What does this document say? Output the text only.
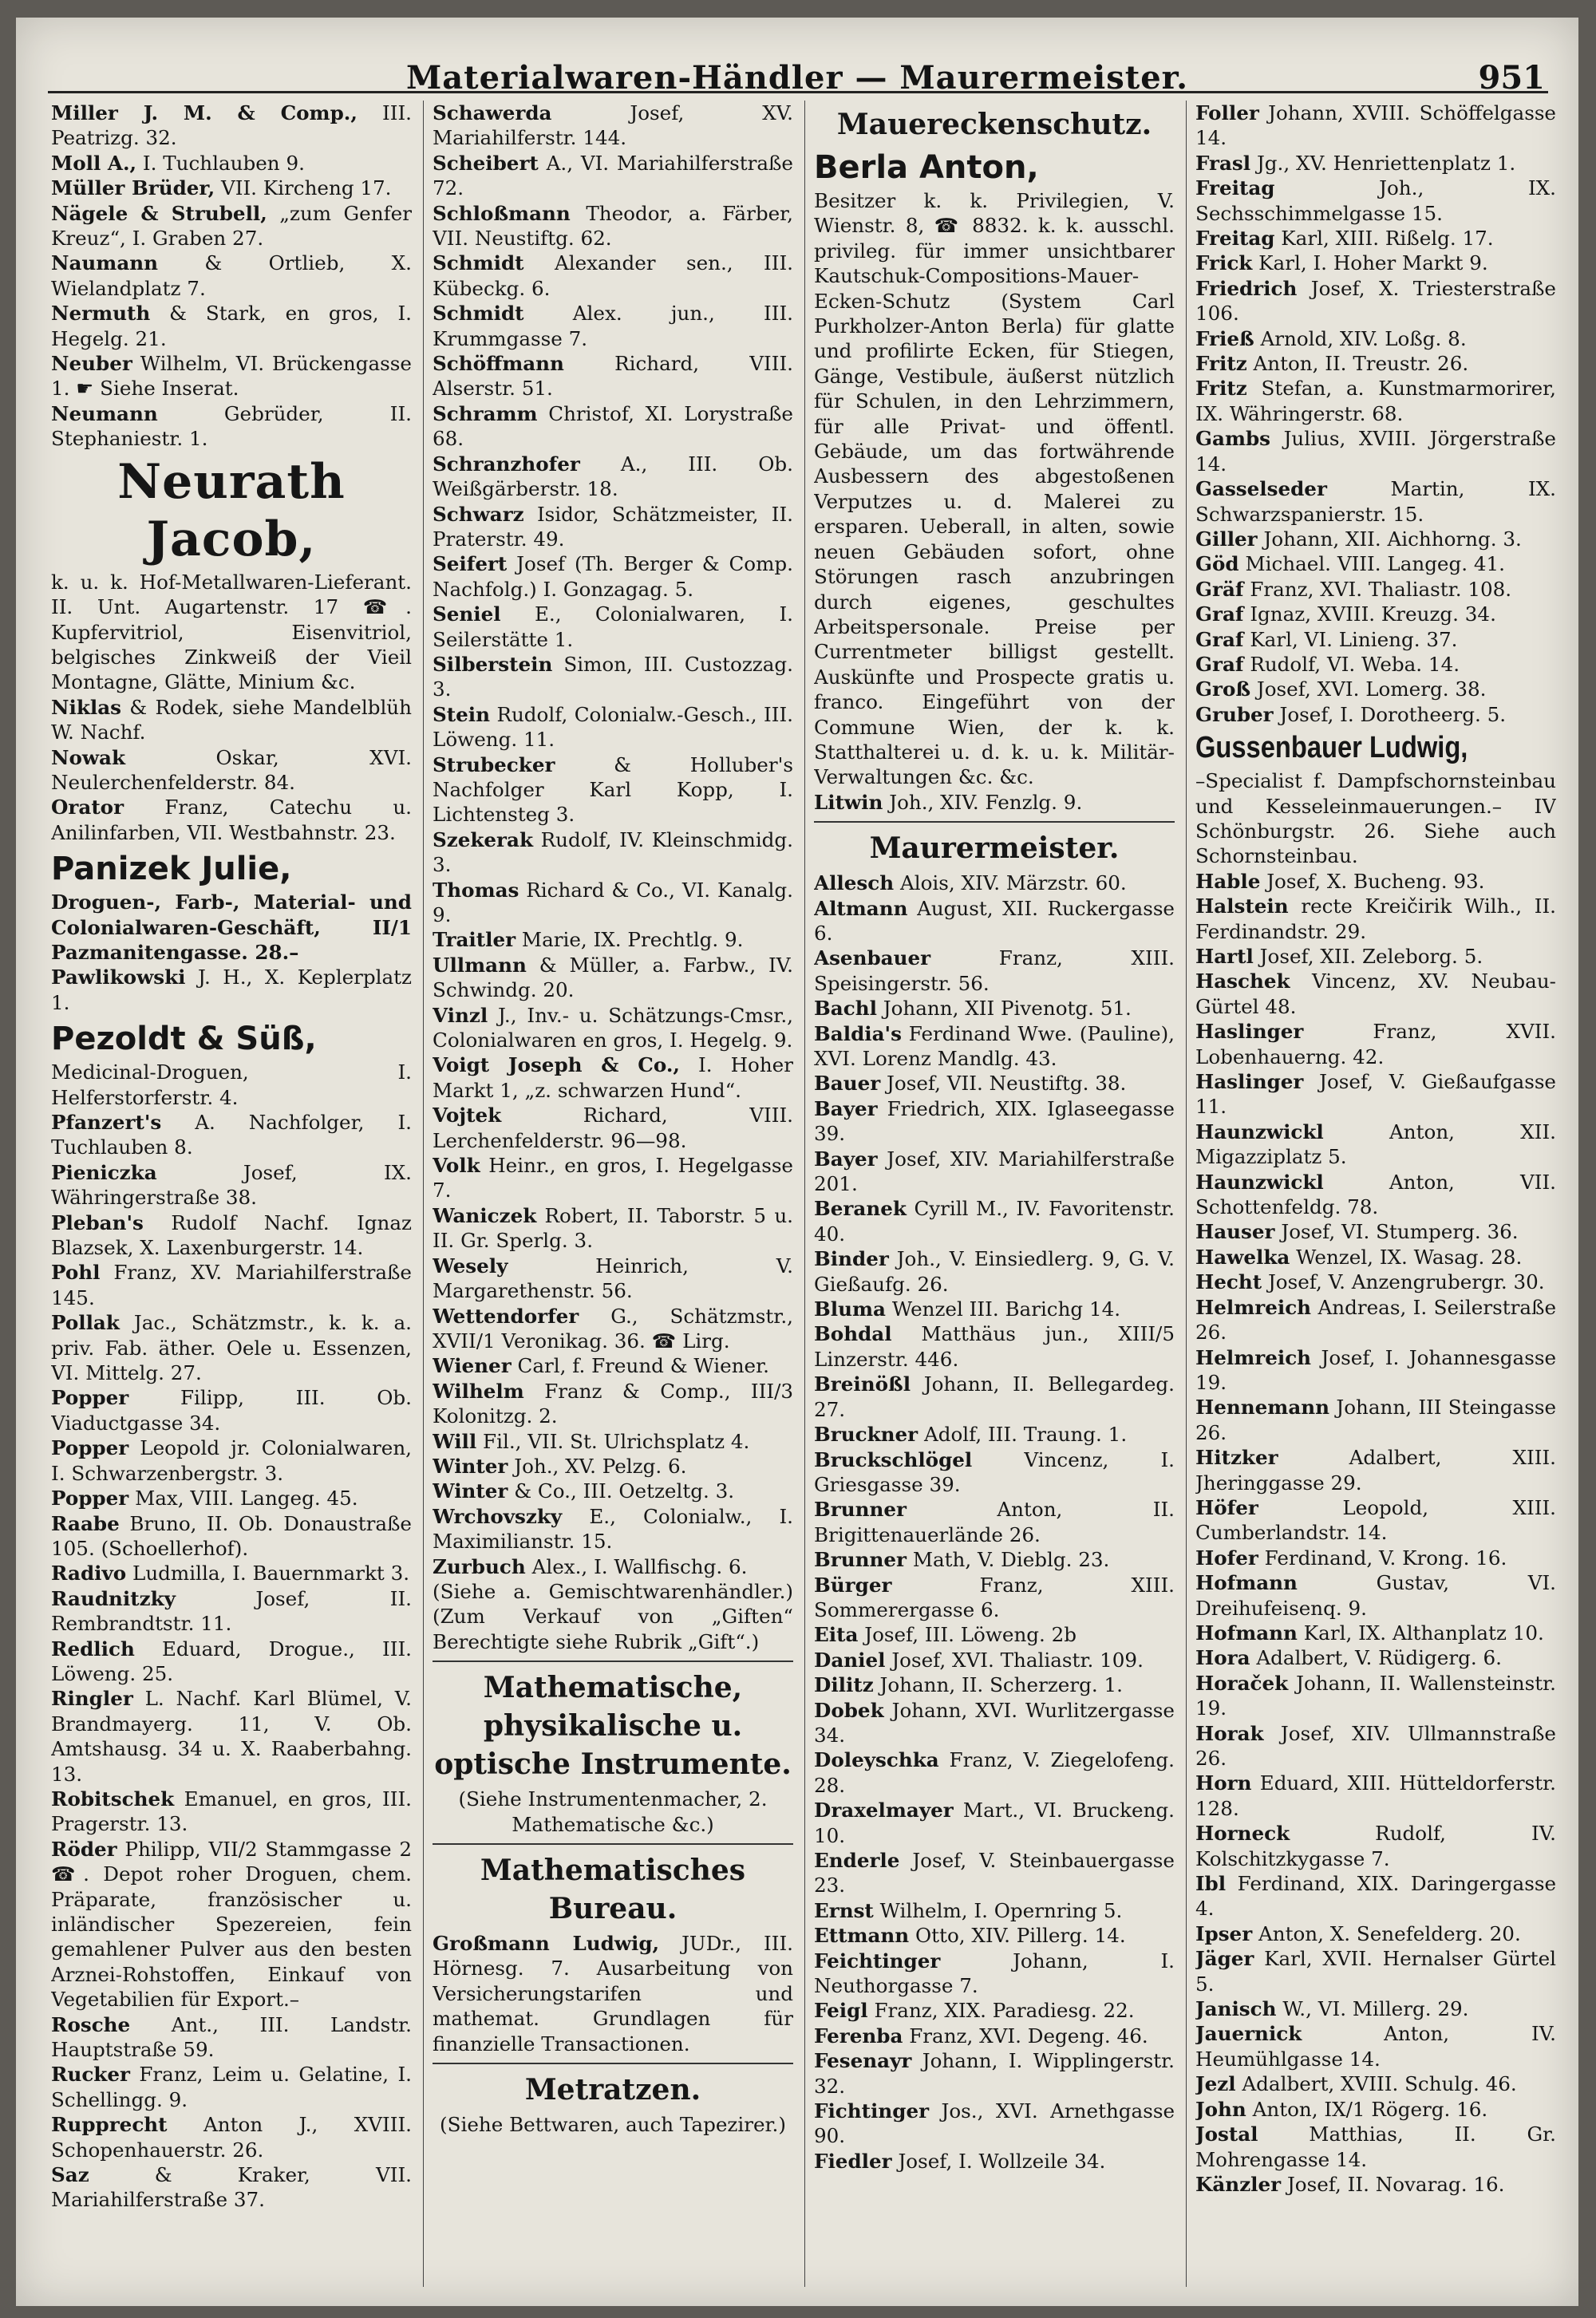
Materialwaren-Händler — Maurermeister.	951

Miller J. M. & Comp., III. Peatrizg. 32.

Moll A., I. Tuchlauben 9.

Müller Brüder, VII. Kircheng 17.

Nägele & Strubell, „zum Genfer Kreuz“, I. Graben 27.

Naumann & Ortlieb, X. Wielandplatz 7.

Nermuth & Stark, en gros, I. Hegelg. 21.

Neuber Wilhelm, VI. Brückengasse 1. ☛ Siehe Inserat.

Neumann	Gebrüder, II. Stephaniestr. 1.

Neurath Jacob,

k. u. k. Hof-Metallwaren-Lieferant. II. Unt. Augartenstr. 17 ☎. Kupfervitriol, Eisenvitriol, belgisches Zinkweiß der Vieil Montagne, Glätte, Minium &c.

Niklas & Rodek, siehe Mandelblüh W. Nachf.

Nowak	Oskar, XVI. Neulerchenfelderstr. 84.

Orator Franz, Catechu u. Anilinfarben, VII. Westbahnstr. 23.

Panizek Julie,

Droguen-, Farb-, Material- und Colonialwaren-Geschäft, II/1 Pazmanitengasse. 28.–

Pawlikowski J. H., X. Keplerplatz 1.

Pezoldt & Süß,

Medicinal-Droguen, I. Helferstorferstr. 4.

Pfanzert's A. Nachfolger, I. Tuchlauben 8.

Pieniczka	Josef, IX. Währingerstraße 38.

Pleban's Rudolf Nachf. Ignaz Blazsek, X. Laxenburgerstr. 14.

Pohl Franz, XV. Mariahilferstraße 145.

Pollak Jac., Schätzmstr., k. k. a. priv. Fab. äther. Oele u. Essenzen, VI. Mittelg. 27.

Popper	Filipp, III. Ob. Viaductgasse 34.

Popper Leopold jr. Colonialwaren, I. Schwarzenbergstr. 3.

Popper Max, VIII. Langeg. 45.

Raabe Bruno, II. Ob. Donaustraße 105. (Schoellerhof).

Radivo Ludmilla, I. Bauernmarkt 3.

Raudnitzky	Josef, II. Rembrandtstr. 11.

Redlich Eduard, Drogue., III. Löweng. 25.

Ringler L. Nachf. Karl Blümel, V. Brandmayerg. 11, V. Ob. Amtshausg. 34 u. X. Raaberbahng. 13.

Robitschek Emanuel, en gros, III. Pragerstr. 13.

Röder Philipp, VII/2 Stammgasse 2 ☎. Depot roher Droguen, chem. Präparate, französischer u. inländischer Spezereien, fein gemahlener Pulver aus den besten Arznei-Rohstoffen, Einkauf von Vegetabilien für Export.–

Rosche Ant., III. Landstr. Hauptstraße 59.

Rucker Franz, Leim u. Gelatine, I. Schellingg. 9.

Rupprecht Anton J., XVIII. Schopenhauerstr. 26.

Saz	& Kraker, VII. Mariahilferstraße 37.

Schawerda	Josef, XV. Mariahilferstr. 144.

Scheibert A., VI. Mariahilferstraße 72.

Schloßmann Theodor, a. Färber, VII. Neustiftg. 62.

Schmidt Alexander sen., III. Kübeckg. 6.

Schmidt Alex. jun., III. Krummgasse 7.

Schöffmann	Richard, VIII. Alserstr. 51.

Schramm Christof, XI. Lorystraße 68.

Schranzhofer A., III. Ob. Weißgärberstr. 18.

Schwarz Isidor, Schätzmeister, II. Praterstr. 49.

Seifert Josef (Th. Berger & Comp. Nachfolg.) I. Gonzagag. 5.

Seniel E., Colonialwaren, I. Seilerstätte 1.

Silberstein Simon, III. Custozzag. 3.

Stein Rudolf, Colonialw.-Gesch., III. Löweng. 11.

Strubecker	& Holluber's Nachfolger Karl Kopp, I. Lichtensteg 3.

Szekerak Rudolf, IV. Kleinschmidg. 3.

Thomas Richard & Co., VI. Kanalg. 9.

Traitler Marie, IX. Prechtlg. 9.

Ullmann & Müller, a. Farbw., IV. Schwindg. 20.

Vinzl J., Inv.- u. Schätzungs-Cmsr., Colonialwaren en gros, I. Hegelg. 9.

Voigt Joseph & Co., I. Hoher Markt 1, „z. schwarzen Hund“.

Vojtek	Richard, VIII. Lerchenfelderstr. 96—98.

Volk Heinr., en gros, I. Hegelgasse 7.

Waniczek Robert, II. Taborstr. 5 u. II. Gr. Sperlg. 3.

Wesely	Heinrich, V. Margarethenstr. 56.

Wettendorfer G., Schätzmstr., XVII/1 Veronikag. 36. ☎ Lirg.

Wiener Carl, f. Freund & Wiener.

Wilhelm Franz & Comp., III/3 Kolonitzg. 2.

Will Fil., VII. St. Ulrichsplatz 4.

Winter Joh., XV. Pelzg. 6.

Winter & Co., III. Oetzeltg. 3.

Wrchovszky E., Colonialw., I. Maximilianstr. 15.

Zurbuch Alex., I. Wallfischg. 6.

(Siehe a. Gemischtwarenhändler.) (Zum Verkauf von „Giften“ Berechtigte siehe Rubrik „Gift“.)

Mathematische, physikalische u. optische Instrumente.

(Siehe Instrumentenmacher, 2. Mathematische &c.)

Mathematisches Bureau.

Großmann Ludwig, JUDr., III. Hörnesg. 7. Ausarbeitung von Versicherungstarifen und mathemat. Grundlagen für finanzielle Transactionen.

Metratzen.

(Siehe Bettwaren, auch Tapezirer.)

Mauereckenschutz.
Berla Anton,

Besitzer k. k. Privilegien, V. Wienstr. 8, ☎ 8832. k. k. ausschl. privileg. für immer unsichtbarer Kautschuk-Compositions-Mauer-Ecken-Schutz (System Carl Purkholzer-Anton Berla) für glatte und profilirte Ecken, für Stiegen, Gänge, Vestibule, äußerst nützlich für Schulen, in den Lehrzimmern, für alle Privat- und öffentl. Gebäude, um das fortwährende Ausbessern des abgestoßenen Verputzes u. d. Malerei zu ersparen. Ueberall, in alten, sowie neuen Gebäuden sofort, ohne Störungen rasch anzubringen durch eigenes, geschultes Arbeitspersonale. Preise per Currentmeter billigst gestellt. Auskünfte und Prospecte gratis u. franco. Eingeführt von der Commune Wien, der k. k. Statthalterei u. d. k. u. k. Militär-Verwaltungen &c. &c.

Litwin Joh., XIV. Fenzlg. 9.

Maurermeister.

Allesch Alois, XIV. Märzstr. 60.

Altmann August, XII. Ruckergasse 6.

Asenbauer	Franz, XIII. Speisingerstr. 56.

Bachl Johann, XII Pivenotg. 51.

Baldia's Ferdinand Wwe. (Pauline), XVI. Lorenz Mandlg. 43.

Bauer Josef, VII. Neustiftg. 38.

Bayer Friedrich, XIX. Iglaseegasse 39.

Bayer Josef, XIV. Mariahilferstraße 201.

Beranek Cyrill M., IV. Favoritenstr. 40.

Binder Joh., V. Einsiedlerg. 9, G. V. Gießaufg. 26.

Bluma Wenzel III. Barichg 14.

Bohdal Matthäus jun., XIII/5 Linzerstr. 446.

Breinößl Johann, II. Bellegardeg. 27.

Bruckner Adolf, III. Traung. 1.

Bruckschlögel	Vincenz, I. Griesgasse 39.

Brunner	Anton, II. Brigittenauerlände 26.

Brunner Math, V. Dieblg. 23.

Bürger	Franz, XIII. Sommerergasse 6.

Eita Josef, III. Löweng. 2b

Daniel Josef, XVI. Thaliastr. 109.

Dilitz Johann, II. Scherzerg. 1.

Dobek Johann, XVI. Wurlitzergasse 34.

Doleyschka Franz, V. Ziegelofeng. 28.

Draxelmayer Mart., VI. Bruckeng. 10.

Enderle Josef, V. Steinbauergasse 23.

Ernst Wilhelm, I. Opernring 5.

Ettmann Otto, XIV. Pillerg. 14.

Feichtinger	Johann, I. Neuthorgasse 7.

Feigl Franz, XIX. Paradiesg. 22.

Ferenba Franz, XVI. Degeng. 46.

Fesenayr Johann, I. Wipplingerstr. 32.

Fichtinger Jos., XVI. Arnethgasse 90.

Fiedler Josef, I. Wollzeile 34.

Foller Johann, XVIII. Schöffelgasse 14.

Frasl Jg., XV. Henriettenplatz 1.

Freitag	Joh., IX. Sechsschimmelgasse 15.

Freitag Karl, XIII. Rißelg. 17.

Frick Karl, I. Hoher Markt 9.

Friedrich Josef, X. Triesterstraße 106.

Frieß Arnold, XIV. Loßg. 8.

Fritz Anton, II. Treustr. 26.

Fritz Stefan, a. Kunstmarmorirer, IX. Währingerstr. 68.

Gambs Julius, XVIII. Jörgerstraße 14.

Gasselseder	Martin, IX. Schwarzspanierstr. 15.

Giller Johann, XII. Aichhorng. 3.

Göd Michael. VIII. Langeg. 41.

Gräf Franz, XVI. Thaliastr. 108.

Graf Ignaz, XVIII. Kreuzg. 34.

Graf Karl, VI. Linieng. 37.

Graf Rudolf, VI. Weba. 14.

Groß Josef, XVI. Lomerg. 38.

Gruber Josef, I. Dorotheerg. 5.

Gussenbauer Ludwig,

–Specialist f. Dampfschornsteinbau und Kesseleinmauerungen.– IV Schönburgstr. 26. Siehe auch Schornsteinbau.

Hable Josef, X. Bucheng. 93.

Halstein recte Kreičirik Wilh., II. Ferdinandstr. 29.

Hartl Josef, XII. Zeleborg. 5.

Haschek Vincenz, XV. Neubau-Gürtel 48.

Haslinger	Franz, XVII. Lobenhauerng. 42.

Haslinger Josef, V. Gießaufgasse 11.

Haunzwickl	Anton, XII. Migazziplatz 5.

Haunzwickl	Anton, VII. Schottenfeldg. 78.

Hauser Josef, VI. Stumperg. 36.

Hawelka Wenzel, IX. Wasag. 28.

Hecht Josef, V. Anzengrubergr. 30.

Helmreich Andreas, I. Seilerstraße 26.

Helmreich Josef, I. Johannesgasse 19.

Hennemann Johann, III Steingasse 26.

Hitzker	Adalbert, XIII. Jheringgasse 29.

Höfer	Leopold, XIII. Cumberlandstr. 14.

Hofer Ferdinand, V. Krong. 16.

Hofmann	Gustav, VI. Dreihufeisenq. 9.

Hofmann Karl, IX. Althanplatz 10.

Hora Adalbert, V. Rüdigerg. 6.

Horaček Johann, II. Wallensteinstr. 19.

Horak Josef, XIV. Ullmannstraße 26.

Horn Eduard, XIII. Hütteldorferstr. 128.

Horneck	Rudolf, IV. Kolschitzkygasse 7.

Ibl Ferdinand, XIX. Daringergasse 4.

Ipser Anton, X. Senefelderg. 20.

Jäger Karl, XVII. Hernalser Gürtel 5.

Janisch W., VI. Millerg. 29.

Jauernick	Anton, IV. Heumühlgasse 14.

Jezl Adalbert, XVIII. Schulg. 46.

John Anton, IX/1 Rögerg. 16.

Jostal	Matthias, II. Gr. Mohrengasse 14.

Känzler Josef, II. Novarag. 16.
